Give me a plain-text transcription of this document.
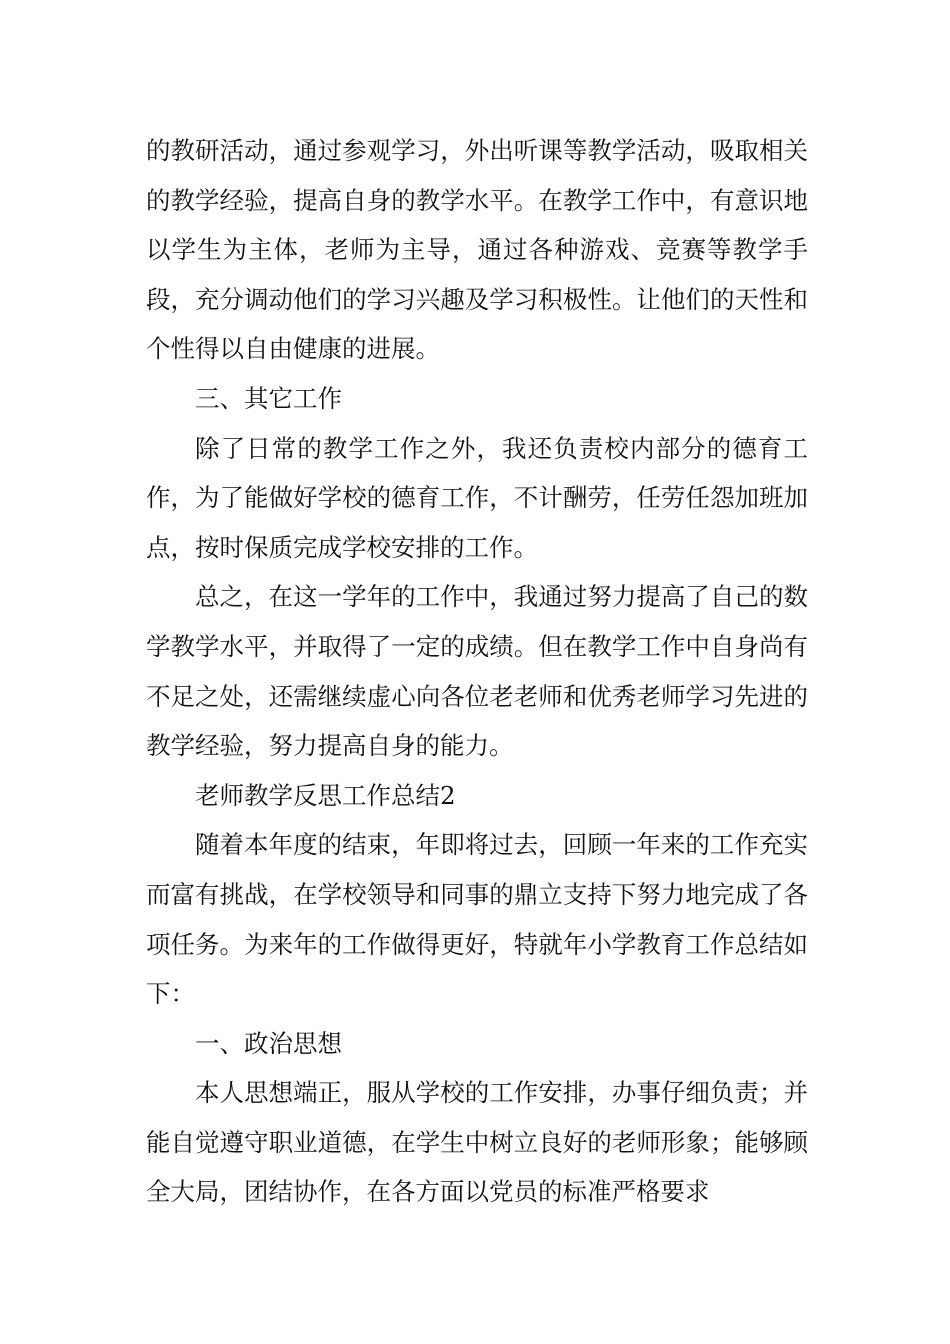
的教研活动，通过参观学习，外出听课等教学活动，吸取相关的教学经验，提高自身的教学水平。在教学工作中，有意识地以学生为主体，老师为主导，通过各种游戏、竞赛等教学手段，充分调动他们的学习兴趣及学习积极性。让他们的天性和个性得以自由健康的进展。

三、其它工作

除了日常的教学工作之外，我还负责校内部分的德育工作，为了能做好学校的德育工作，不计酬劳，任劳任怨加班加点，按时保质完成学校安排的工作。

总之，在这一学年的工作中，我通过努力提高了自己的数学教学水平，并取得了一定的成绩。但在教学工作中自身尚有不足之处，还需继续虚心向各位老老师和优秀老师学习先进的教学经验，努力提高自身的能力。

老师教学反思工作总结2

随着本年度的结束，年即将过去，回顾一年来的工作充实而富有挑战，在学校领导和同事的鼎立支持下努力地完成了各项任务。为来年的工作做得更好，特就年小学教育工作总结如下：

一、政治思想

本人思想端正，服从学校的工作安排，办事仔细负责；并能自觉遵守职业道德，在学生中树立良好的老师形象；能够顾全大局，团结协作，在各方面以党员的标准严格要求
